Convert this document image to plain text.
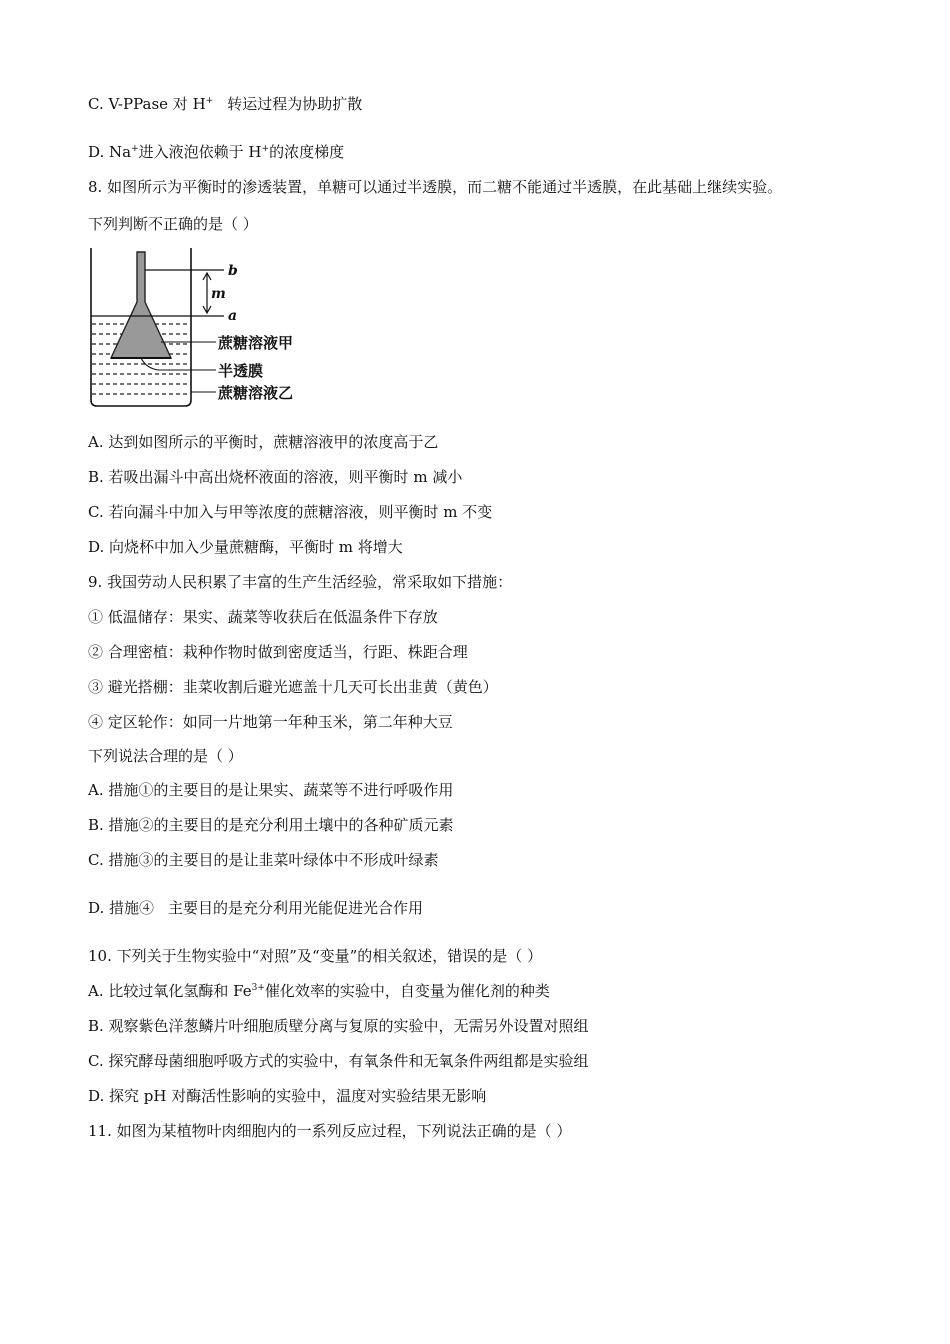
C. V-PPase 对 H+ 转运过程为协助扩散
D. Na+进入液泡依赖于 H+的浓度梯度
8. 如图所示为平衡时的渗透装置，单糖可以通过半透膜，而二糖不能通过半透膜，在此基础上继续实验。
下列判断不正确的是（ ）
b
m
a
蔗糖溶液甲
半透膜
蔗糖溶液乙
A. 达到如图所示的平衡时，蔗糖溶液甲的浓度高于乙
B. 若吸出漏斗中高出烧杯液面的溶液，则平衡时 m 减小
C. 若向漏斗中加入与甲等浓度的蔗糖溶液，则平衡时 m 不变
D. 向烧杯中加入少量蔗糖酶，平衡时 m 将增大
9. 我国劳动人民积累了丰富的生产生活经验，常采取如下措施：
① 低温储存：果实、蔬菜等收获后在低温条件下存放
② 合理密植：栽种作物时做到密度适当，行距、株距合理
③ 避光搭棚：韭菜收割后避光遮盖十几天可长出韭黄（黄色）
④ 定区轮作：如同一片地第一年种玉米，第二年种大豆
下列说法合理的是（ ）
A. 措施①的主要目的是让果实、蔬菜等不进行呼吸作用
B. 措施②的主要目的是充分利用土壤中的各种矿质元素
C. 措施③的主要目的是让韭菜叶绿体中不形成叶绿素
D. 措施④ 主要目的是充分利用光能促进光合作用
10. 下列关于生物实验中“对照”及“变量”的相关叙述，错误的是（ ）
A. 比较过氧化氢酶和 $Fe^{3+}$催化效率的实验中，自变量为催化剂的种类
B. 观察紫色洋葱鳞片叶细胞质壁分离与复原的实验中，无需另外设置对照组
C. 探究酵母菌细胞呼吸方式的实验中，有氧条件和无氧条件两组都是实验组
D. 探究 pH 对酶活性影响的实验中，温度对实验结果无影响
11. 如图为某植物叶肉细胞内的一系列反应过程，下列说法正确的是（ ）
